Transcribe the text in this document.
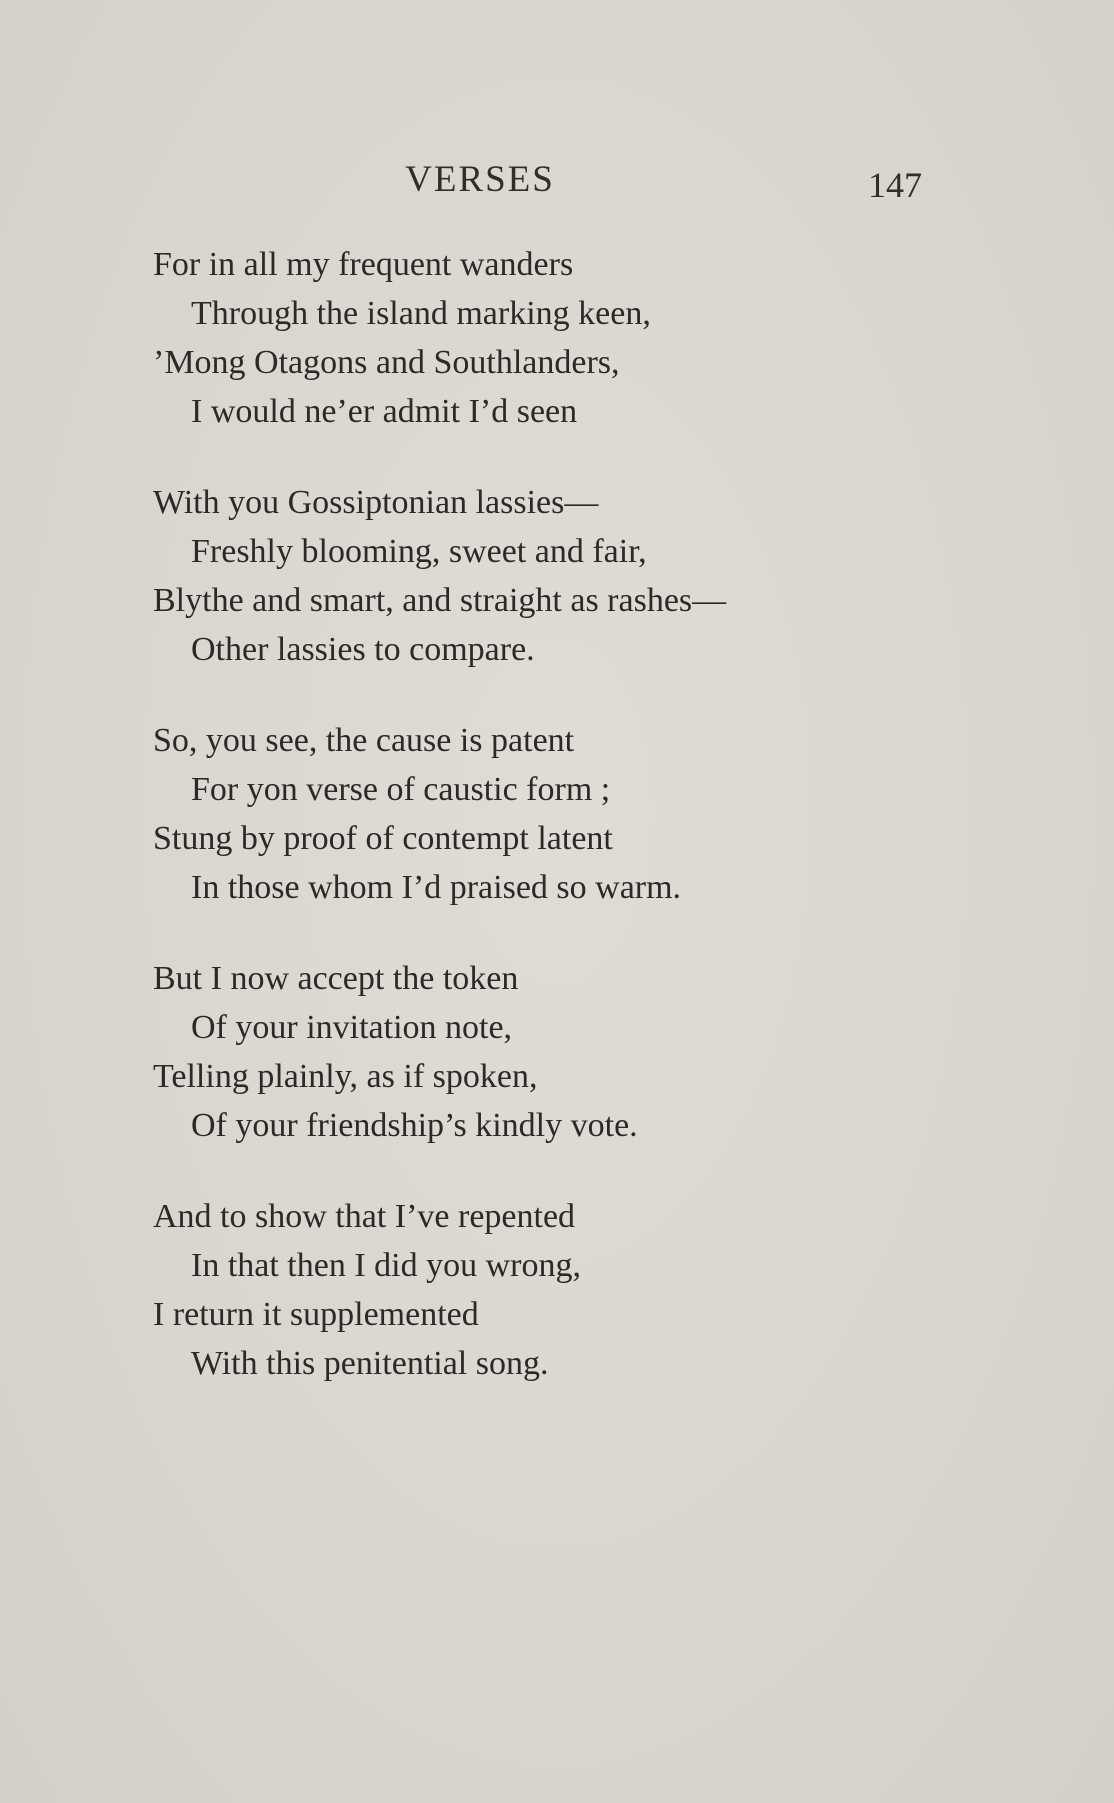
VERSES	147
For in all my frequent wanders
Through the island marking keen,
’Mong Otagons and Southlanders,
I would ne’er admit I’d seen
With you Gossiptonian lassies—
Freshly blooming, sweet and fair,
Blythe and smart, and straight as rashes—
Other lassies to compare.
So, you see, the cause is patent
For yon verse of caustic form ;
Stung by proof of contempt latent
In those whom I’d praised so warm.
But I now accept the token
Of your invitation note,
Telling plainly, as if spoken,
Of your friendship’s kindly vote.
And to show that I’ve repented
In that then I did you wrong,
I return it supplemented
With this penitential song.
